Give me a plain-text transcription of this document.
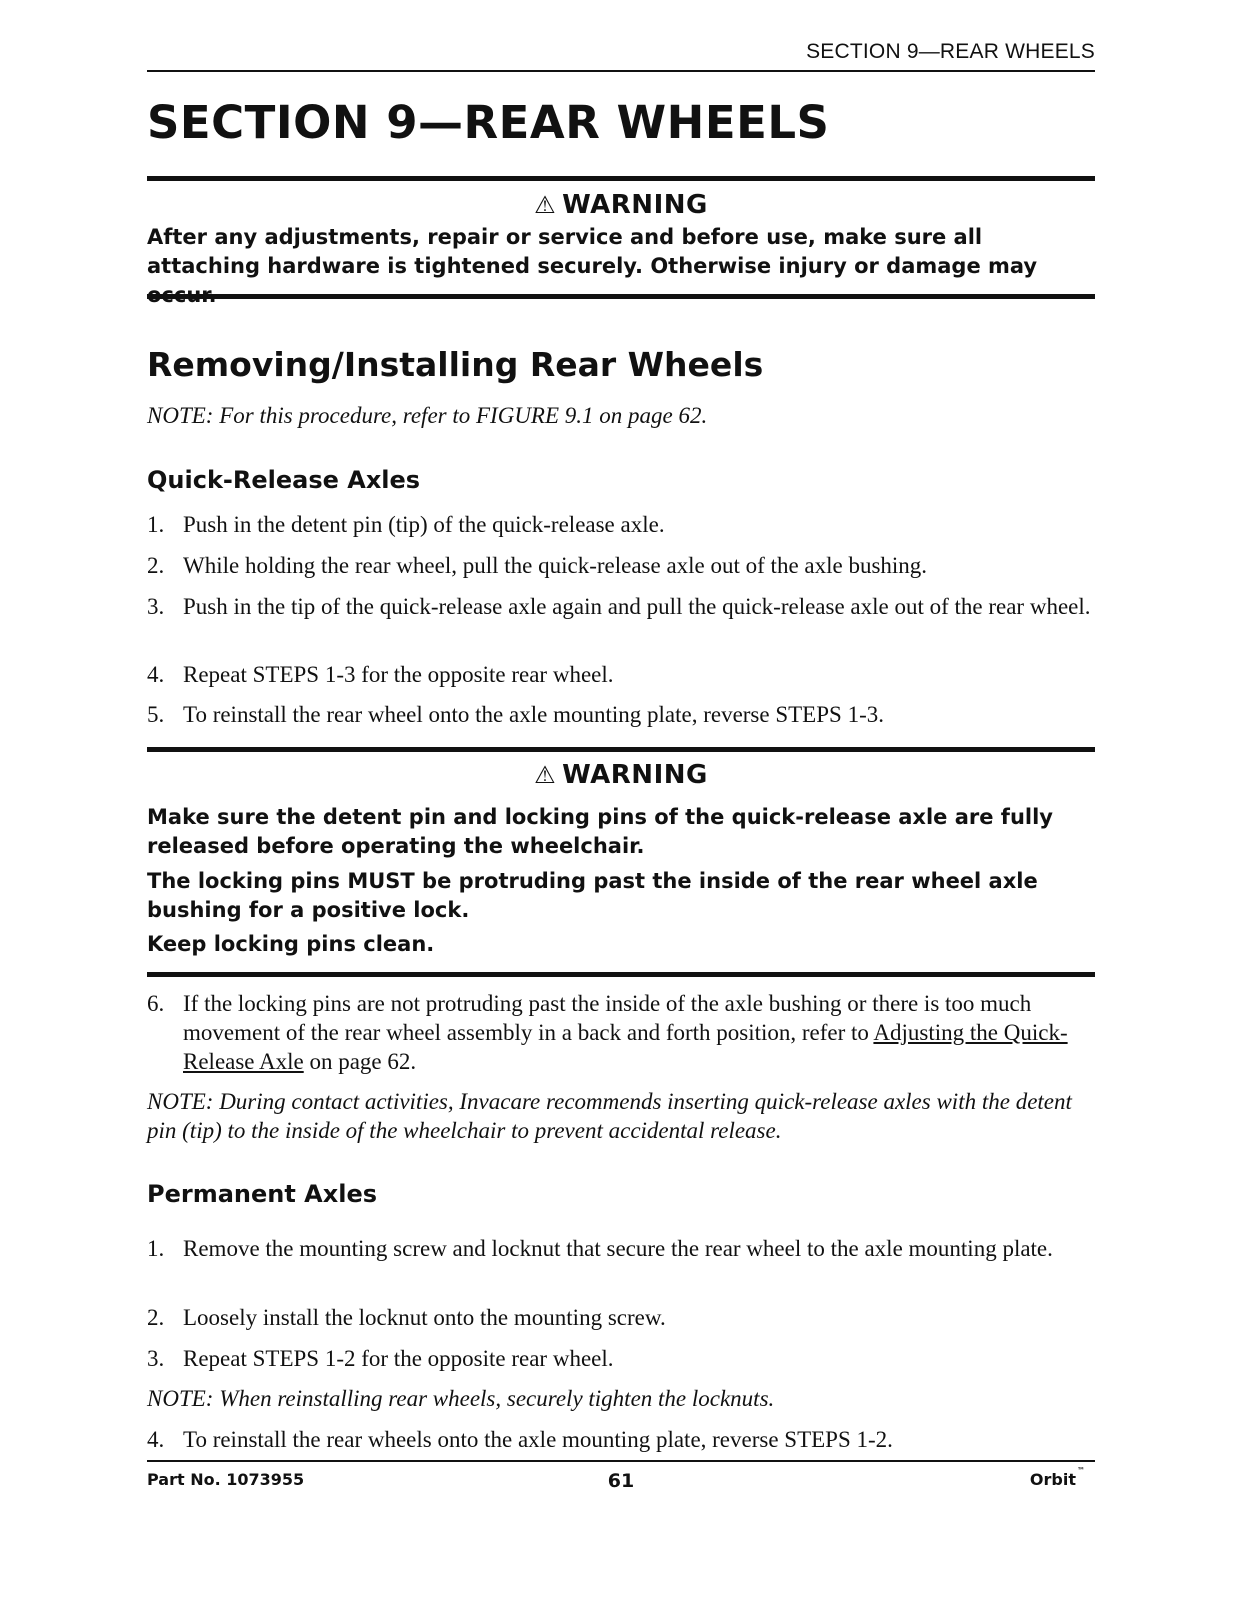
SECTION 9—REAR WHEELS
SECTION 9—REAR WHEELS
⚠ WARNING

After any adjustments, repair or service and before use, make sure all attaching hardware is tightened securely. Otherwise injury or damage may

Removing/Installing Rear Wheels

NOTE: For this procedure, refer to FIGURE 9.1 on page 62.

Quick-Release Axles
1. Push in the detent pin (tip) of the quick-release axle.
2. While holding the rear wheel, pull the quick-release axle out of the axle bushing.
3. Push in the tip of the quick-release axle again and pull the quick-release axle out of the rear wheel.
4. Repeat STEPS 1-3 for the opposite rear wheel.
5. To reinstall the rear wheel onto the axle mounting plate, reverse STEPS 1-3.
⚠ WARNING

Make sure the detent pin and locking pins of the quick-release axle are fully released before operating the wheelchair.

The locking pins MUST be protruding past the inside of the rear wheel axle bushing for a positive lock.

Keep locking pins clean.

6. If the locking pins are not protruding past the inside of the axle bushing or there is too much movement of the rear wheel assembly in a back and forth position, refer to Adjusting the Quick-Release Axle on page 62.

NOTE: During contact activities, Invacare recommends inserting quick-release axles with the detent pin (tip) to the inside of the wheelchair to prevent accidental release.

Permanent Axles
1. Remove the mounting screw and locknut that secure the rear wheel to the axle mounting plate.
2. Loosely install the locknut onto the mounting screw.
3. Repeat STEPS 1-2 for the opposite rear wheel.

NOTE: When reinstalling rear wheels, securely tighten the locknuts.

4. To reinstall the rear wheels onto the axle mounting plate, reverse STEPS 1-2.
Part No. 1073955	61	Orbit™
